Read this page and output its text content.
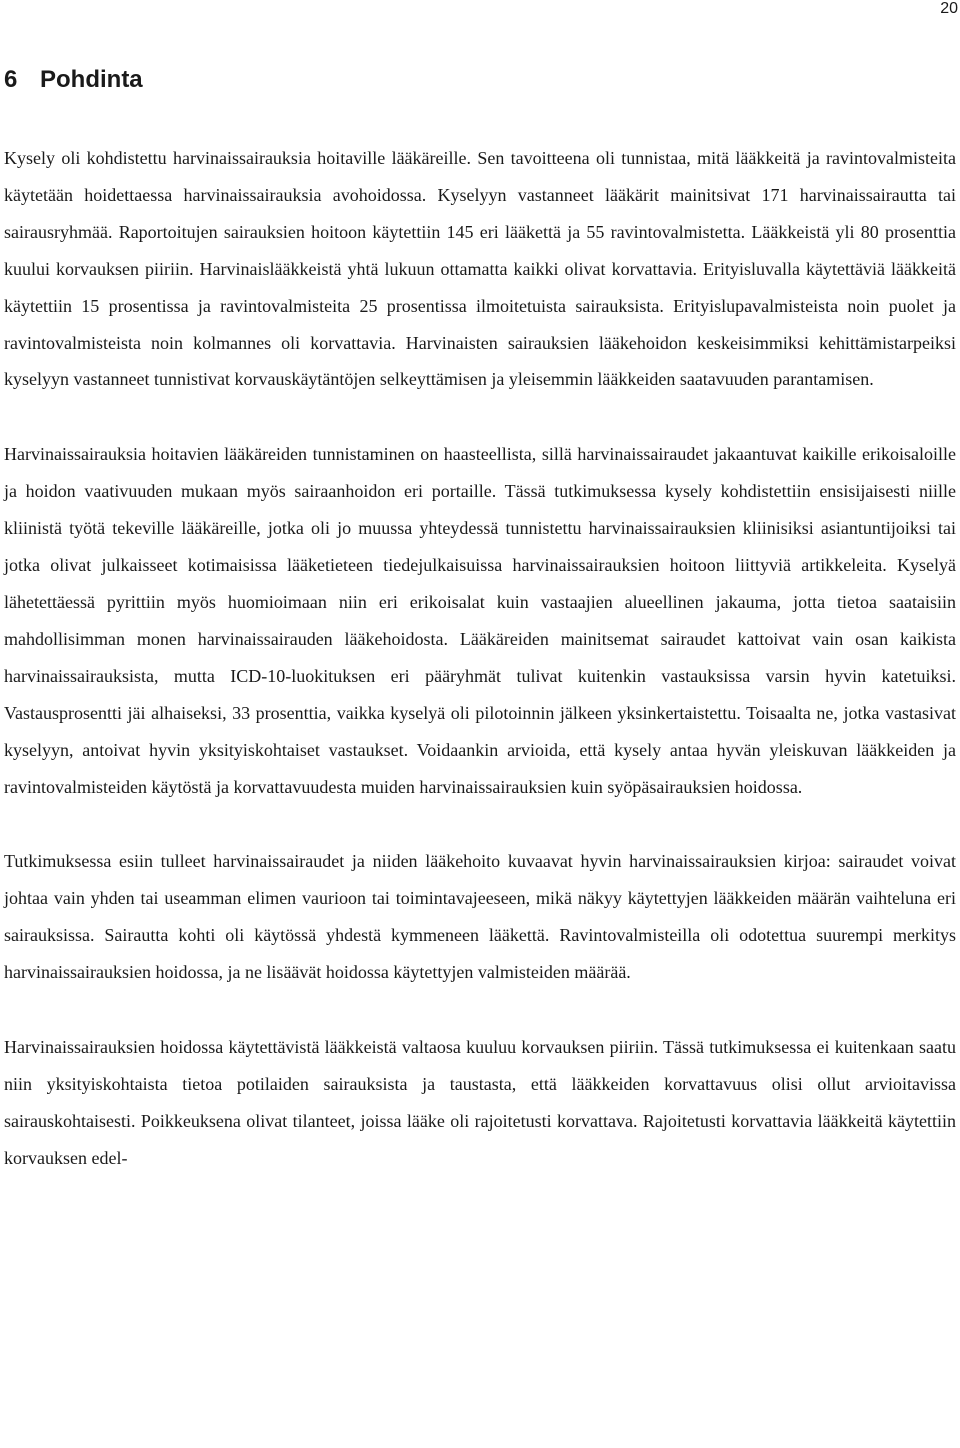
20
6 Pohdinta

Kysely oli kohdistettu harvinaissairauksia hoitaville lääkäreille. Sen tavoitteena oli tunnistaa, mitä lääkkeitä ja ravintovalmisteita käytetään hoidettaessa harvinaissairauksia avohoidossa. Kyselyyn vastanneet lääkärit mainitsivat 171 harvinaissairautta tai sairausryhmää. Raportoitujen sairauksien hoitoon käytettiin 145 eri lääkettä ja 55 ravintovalmistetta. Lääkkeistä yli 80 prosenttia kuului korvauksen piiriin. Harvinaislääkkeistä yhtä lukuun ottamatta kaikki olivat korvattavia. Erityisluvalla käytettäviä lääkkeitä käytettiin 15 prosentissa ja ravintovalmisteita 25 prosentissa ilmoitetuista sairauksista. Erityislupavalmisteista noin puolet ja ravintovalmisteista noin kolmannes oli korvattavia. Harvinaisten sairauksien lääkehoidon keskeisimmiksi kehittämistarpeiksi kyselyyn vastanneet tunnistivat korvauskäytäntöjen selkeyttämisen ja yleisemmin lääkkeiden saatavuuden parantamisen.

Harvinaissairauksia hoitavien lääkäreiden tunnistaminen on haasteellista, sillä harvinaissairaudet jakaantuvat kaikille erikoisaloille ja hoidon vaativuuden mukaan myös sairaanhoidon eri portaille. Tässä tutkimuksessa kysely kohdistettiin ensisijaisesti niille kliinistä työtä tekeville lääkäreille, jotka oli jo muussa yhteydessä tunnistettu harvinaissairauksien kliinisiksi asiantuntijoiksi tai jotka olivat julkaisseet kotimaisissa lääketieteen tiedejulkaisuissa harvinaissairauksien hoitoon liittyviä artikkeleita. Kyselyä lähetettäessä pyrittiin myös huomioimaan niin eri erikoisalat kuin vastaajien alueellinen jakauma, jotta tietoa saataisiin mahdollisimman monen harvinaissairauden lääkehoidosta. Lääkäreiden mainitsemat sairaudet kattoivat vain osan kaikista harvinaissairauksista, mutta ICD-10-luokituksen eri pääryhmät tulivat kuitenkin vastauksissa varsin hyvin katetuiksi. Vastausprosentti jäi alhaiseksi, 33 prosenttia, vaikka kyselyä oli pilotoinnin jälkeen yksinkertaistettu. Toisaalta ne, jotka vastasivat kyselyyn, antoivat hyvin yksityiskohtaiset vastaukset. Voidaankin arvioida, että kysely antaa hyvän yleiskuvan lääkkeiden ja ravintovalmisteiden käytöstä ja korvattavuudesta muiden harvinaissairauksien kuin syöpäsairauksien hoidossa.

Tutkimuksessa esiin tulleet harvinaissairaudet ja niiden lääkehoito kuvaavat hyvin harvinaissairauksien kirjoa: sairaudet voivat johtaa vain yhden tai useamman elimen vaurioon tai toimintavajeeseen, mikä näkyy käytettyjen lääkkeiden määrän vaihteluna eri sairauksissa. Sairautta kohti oli käytössä yhdestä kymmeneen lääkettä. Ravintovalmisteilla oli odotettua suurempi merkitys harvinaissairauksien hoidossa, ja ne lisäävät hoidossa käytettyjen valmisteiden määrää.

Harvinaissairauksien hoidossa käytettävistä lääkkeistä valtaosa kuuluu korvauksen piiriin. Tässä tutkimuksessa ei kuitenkaan saatu niin yksityiskohtaista tietoa potilaiden sairauksista ja taustasta, että lääkkeiden korvattavuus olisi ollut arvioitavissa sairauskohtaisesti. Poikkeuksena olivat tilanteet, joissa lääke oli rajoitetusti korvattava. Rajoitetusti korvattavia lääkkeitä käytettiin korvauksen edel-
